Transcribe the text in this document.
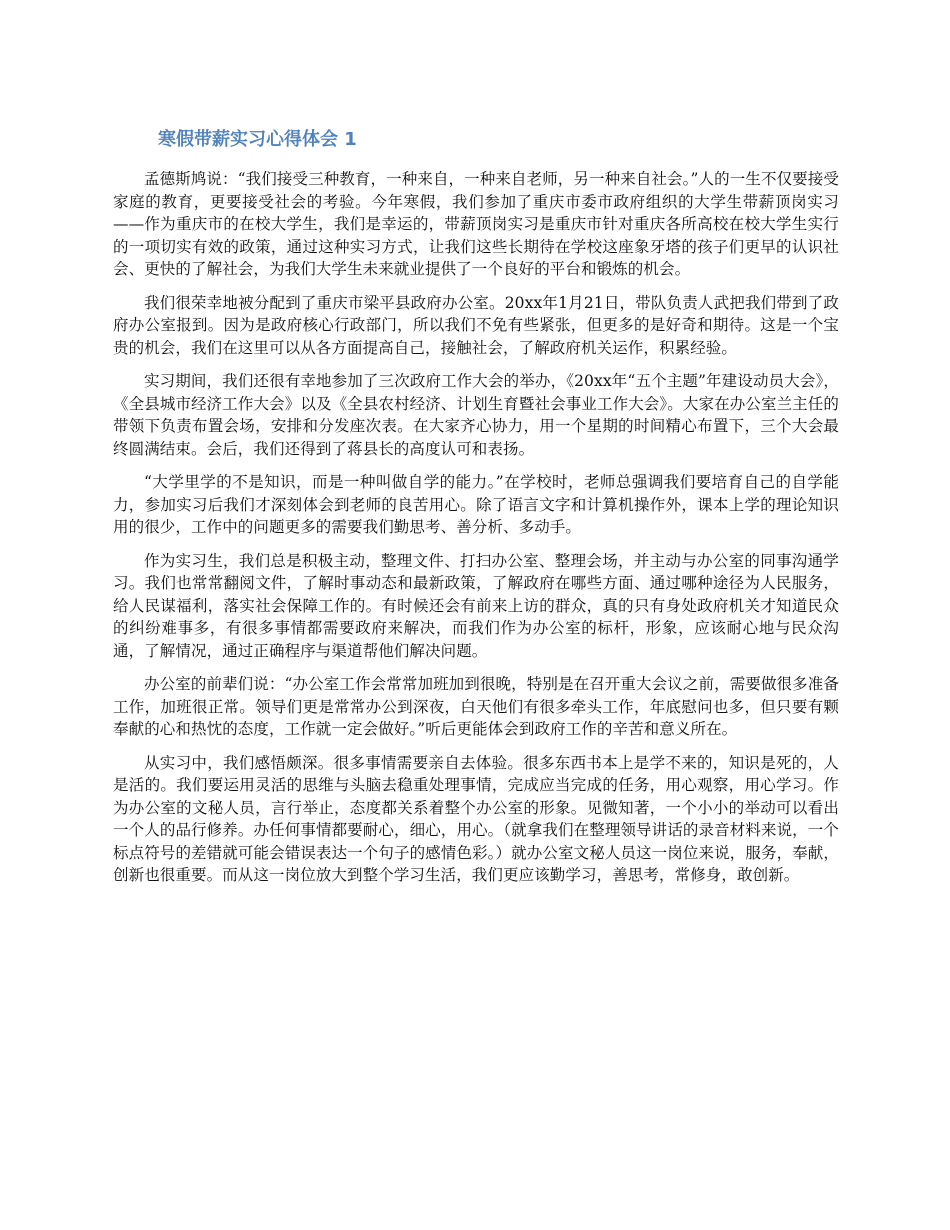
寒假带薪实习心得体会 1

孟德斯鸠说：“我们接受三种教育，一种来自，一种来自老师，另一种来自社会。”人的一生不仅要接受家庭的教育，更要接受社会的考验。今年寒假，我们参加了重庆市委市政府组织的大学生带薪顶岗实习——作为重庆市的在校大学生，我们是幸运的，带薪顶岗实习是重庆市针对重庆各所高校在校大学生实行的一项切实有效的政策，通过这种实习方式，让我们这些长期待在学校这座象牙塔的孩子们更早的认识社会、更快的了解社会，为我们大学生未来就业提供了一个良好的平台和锻炼的机会。

我们很荣幸地被分配到了重庆市梁平县政府办公室。20xx年1月21日，带队负责人武把我们带到了政府办公室报到。因为是政府核心行政部门，所以我们不免有些紧张，但更多的是好奇和期待。这是一个宝贵的机会，我们在这里可以从各方面提高自己，接触社会，了解政府机关运作，积累经验。

实习期间，我们还很有幸地参加了三次政府工作大会的举办，《20xx年“五个主题”年建设动员大会》，《全县城市经济工作大会》以及《全县农村经济、计划生育暨社会事业工作大会》。大家在办公室兰主任的带领下负责布置会场，安排和分发座次表。在大家齐心协力，用一个星期的时间精心布置下，三个大会最终圆满结束。会后，我们还得到了蒋县长的高度认可和表扬。

“大学里学的不是知识，而是一种叫做自学的能力。”在学校时，老师总强调我们要培育自己的自学能力，参加实习后我们才深刻体会到老师的良苦用心。除了语言文字和计算机操作外，课本上学的理论知识用的很少，工作中的问题更多的需要我们勤思考、善分析、多动手。

作为实习生，我们总是积极主动，整理文件、打扫办公室、整理会场，并主动与办公室的同事沟通学习。我们也常常翻阅文件，了解时事动态和最新政策，了解政府在哪些方面、通过哪种途径为人民服务，给人民谋福利，落实社会保障工作的。有时候还会有前来上访的群众，真的只有身处政府机关才知道民众的纠纷难事多，有很多事情都需要政府来解决，而我们作为办公室的标杆，形象，应该耐心地与民众沟通，了解情况，通过正确程序与渠道帮他们解决问题。

办公室的前辈们说：“办公室工作会常常加班加到很晚，特别是在召开重大会议之前，需要做很多准备工作，加班很正常。领导们更是常常办公到深夜，白天他们有很多牵头工作，年底慰问也多，但只要有颗奉献的心和热忱的态度，工作就一定会做好。”听后更能体会到政府工作的辛苦和意义所在。

从实习中，我们感悟颇深。很多事情需要亲自去体验。很多东西书本上是学不来的，知识是死的，人是活的。我们要运用灵活的思维与头脑去稳重处理事情，完成应当完成的任务，用心观察，用心学习。作为办公室的文秘人员，言行举止，态度都关系着整个办公室的形象。见微知著，一个小小的举动可以看出一个人的品行修养。办任何事情都要耐心，细心，用心。（就拿我们在整理领导讲话的录音材料来说，一个标点符号的差错就可能会错误表达一个句子的感情色彩。）就办公室文秘人员这一岗位来说，服务，奉献，创新也很重要。而从这一岗位放大到整个学习生活，我们更应该勤学习，善思考，常修身，敢创新。
